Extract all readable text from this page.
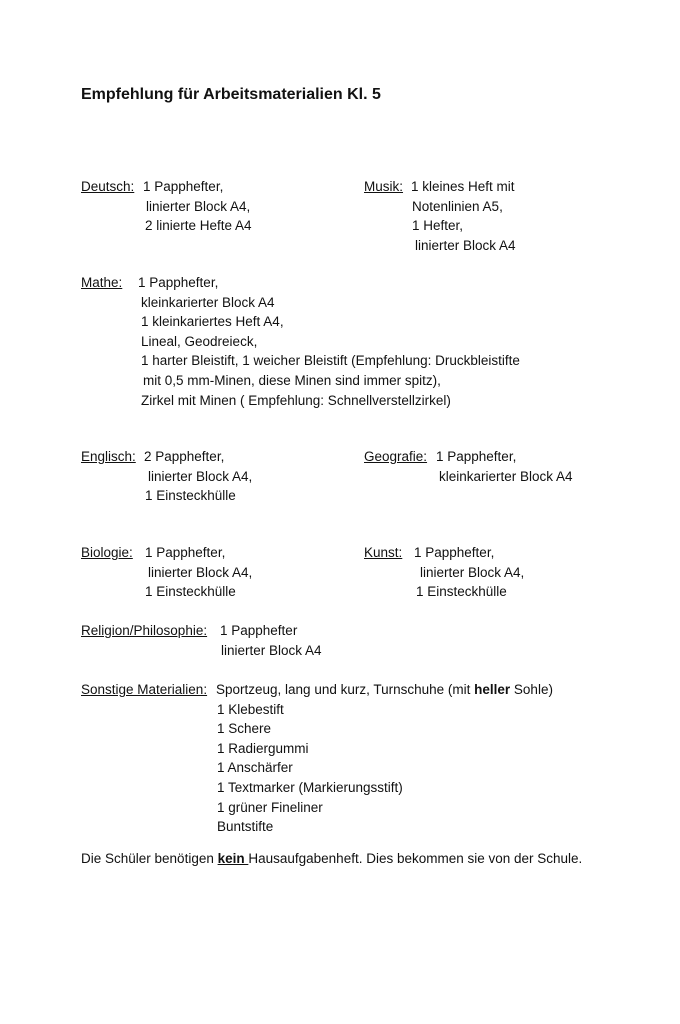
Empfehlung für Arbeitsmaterialien Kl. 5
Deutsch: 1 Papphefter,
linierter Block A4,
2 linierte Hefte A4
Musik: 1 kleines Heft mit
Notenlinien A5,
1 Hefter,
linierter Block A4
Mathe: 1 Papphefter,
kleinkarierter Block A4
1 kleinkariertes Heft A4,
Lineal, Geodreieck,
1 harter Bleistift, 1 weicher Bleistift (Empfehlung: Druckbleistifte
mit 0,5 mm-Minen, diese Minen sind immer spitz),
Zirkel mit Minen ( Empfehlung: Schnellverstellzirkel)
Englisch: 2 Papphefter,
linierter Block A4,
1 Einsteckhülle
Geografie: 1 Papphefter,
kleinkarierter Block A4
Biologie: 1 Papphefter,
linierter Block A4,
1 Einsteckhülle
Kunst: 1 Papphefter,
linierter Block A4,
1 Einsteckhülle
Religion/Philosophie: 1 Papphefter
linierter Block A4
Sonstige Materialien: Sportzeug, lang und kurz, Turnschuhe (mit heller Sohle)
1 Klebestift
1 Schere
1 Radiergummi
1 Anschärfer
1 Textmarker (Markierungsstift)
1 grüner Fineliner
Buntstifte
Die Schüler benötigen kein Hausaufgabenheft. Dies bekommen sie von der Schule.
